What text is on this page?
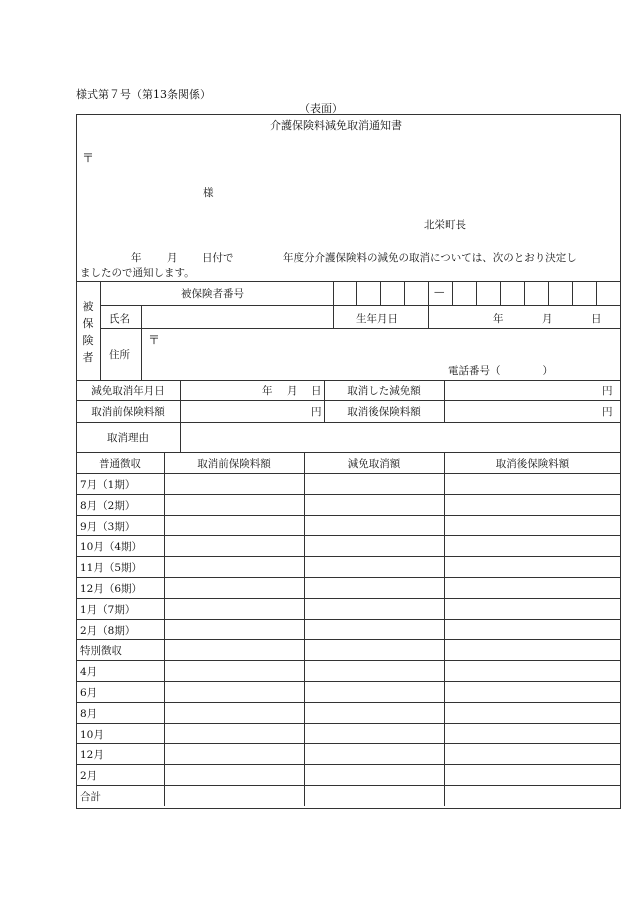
様式第７号（第13条関係）
（表面）
介護保険料減免取消通知書
〒
様
北栄町長
年 月 日付で	年度分介護保険料の減免の取消については、次のとおり決定し
ましたので通知します。
被
保
険
者
被保険者番号	—
氏名	生年月日	年	月	日
住所
〒
電話番号（　　　　）
減免取消年月日	年 月 日	取消した減免額	円
取消前保険料額	円	取消後保険料額	円
取消理由
普通徴収	取消前保険料額	減免取消額	取消後保険料額
7月（1期）
8月（2期）
9月（3期）
10月（4期）
11月（5期）
12月（6期）
1月（7期）
2月（8期）
特別徴収
4月
6月
8月
10月
12月
2月
合計
